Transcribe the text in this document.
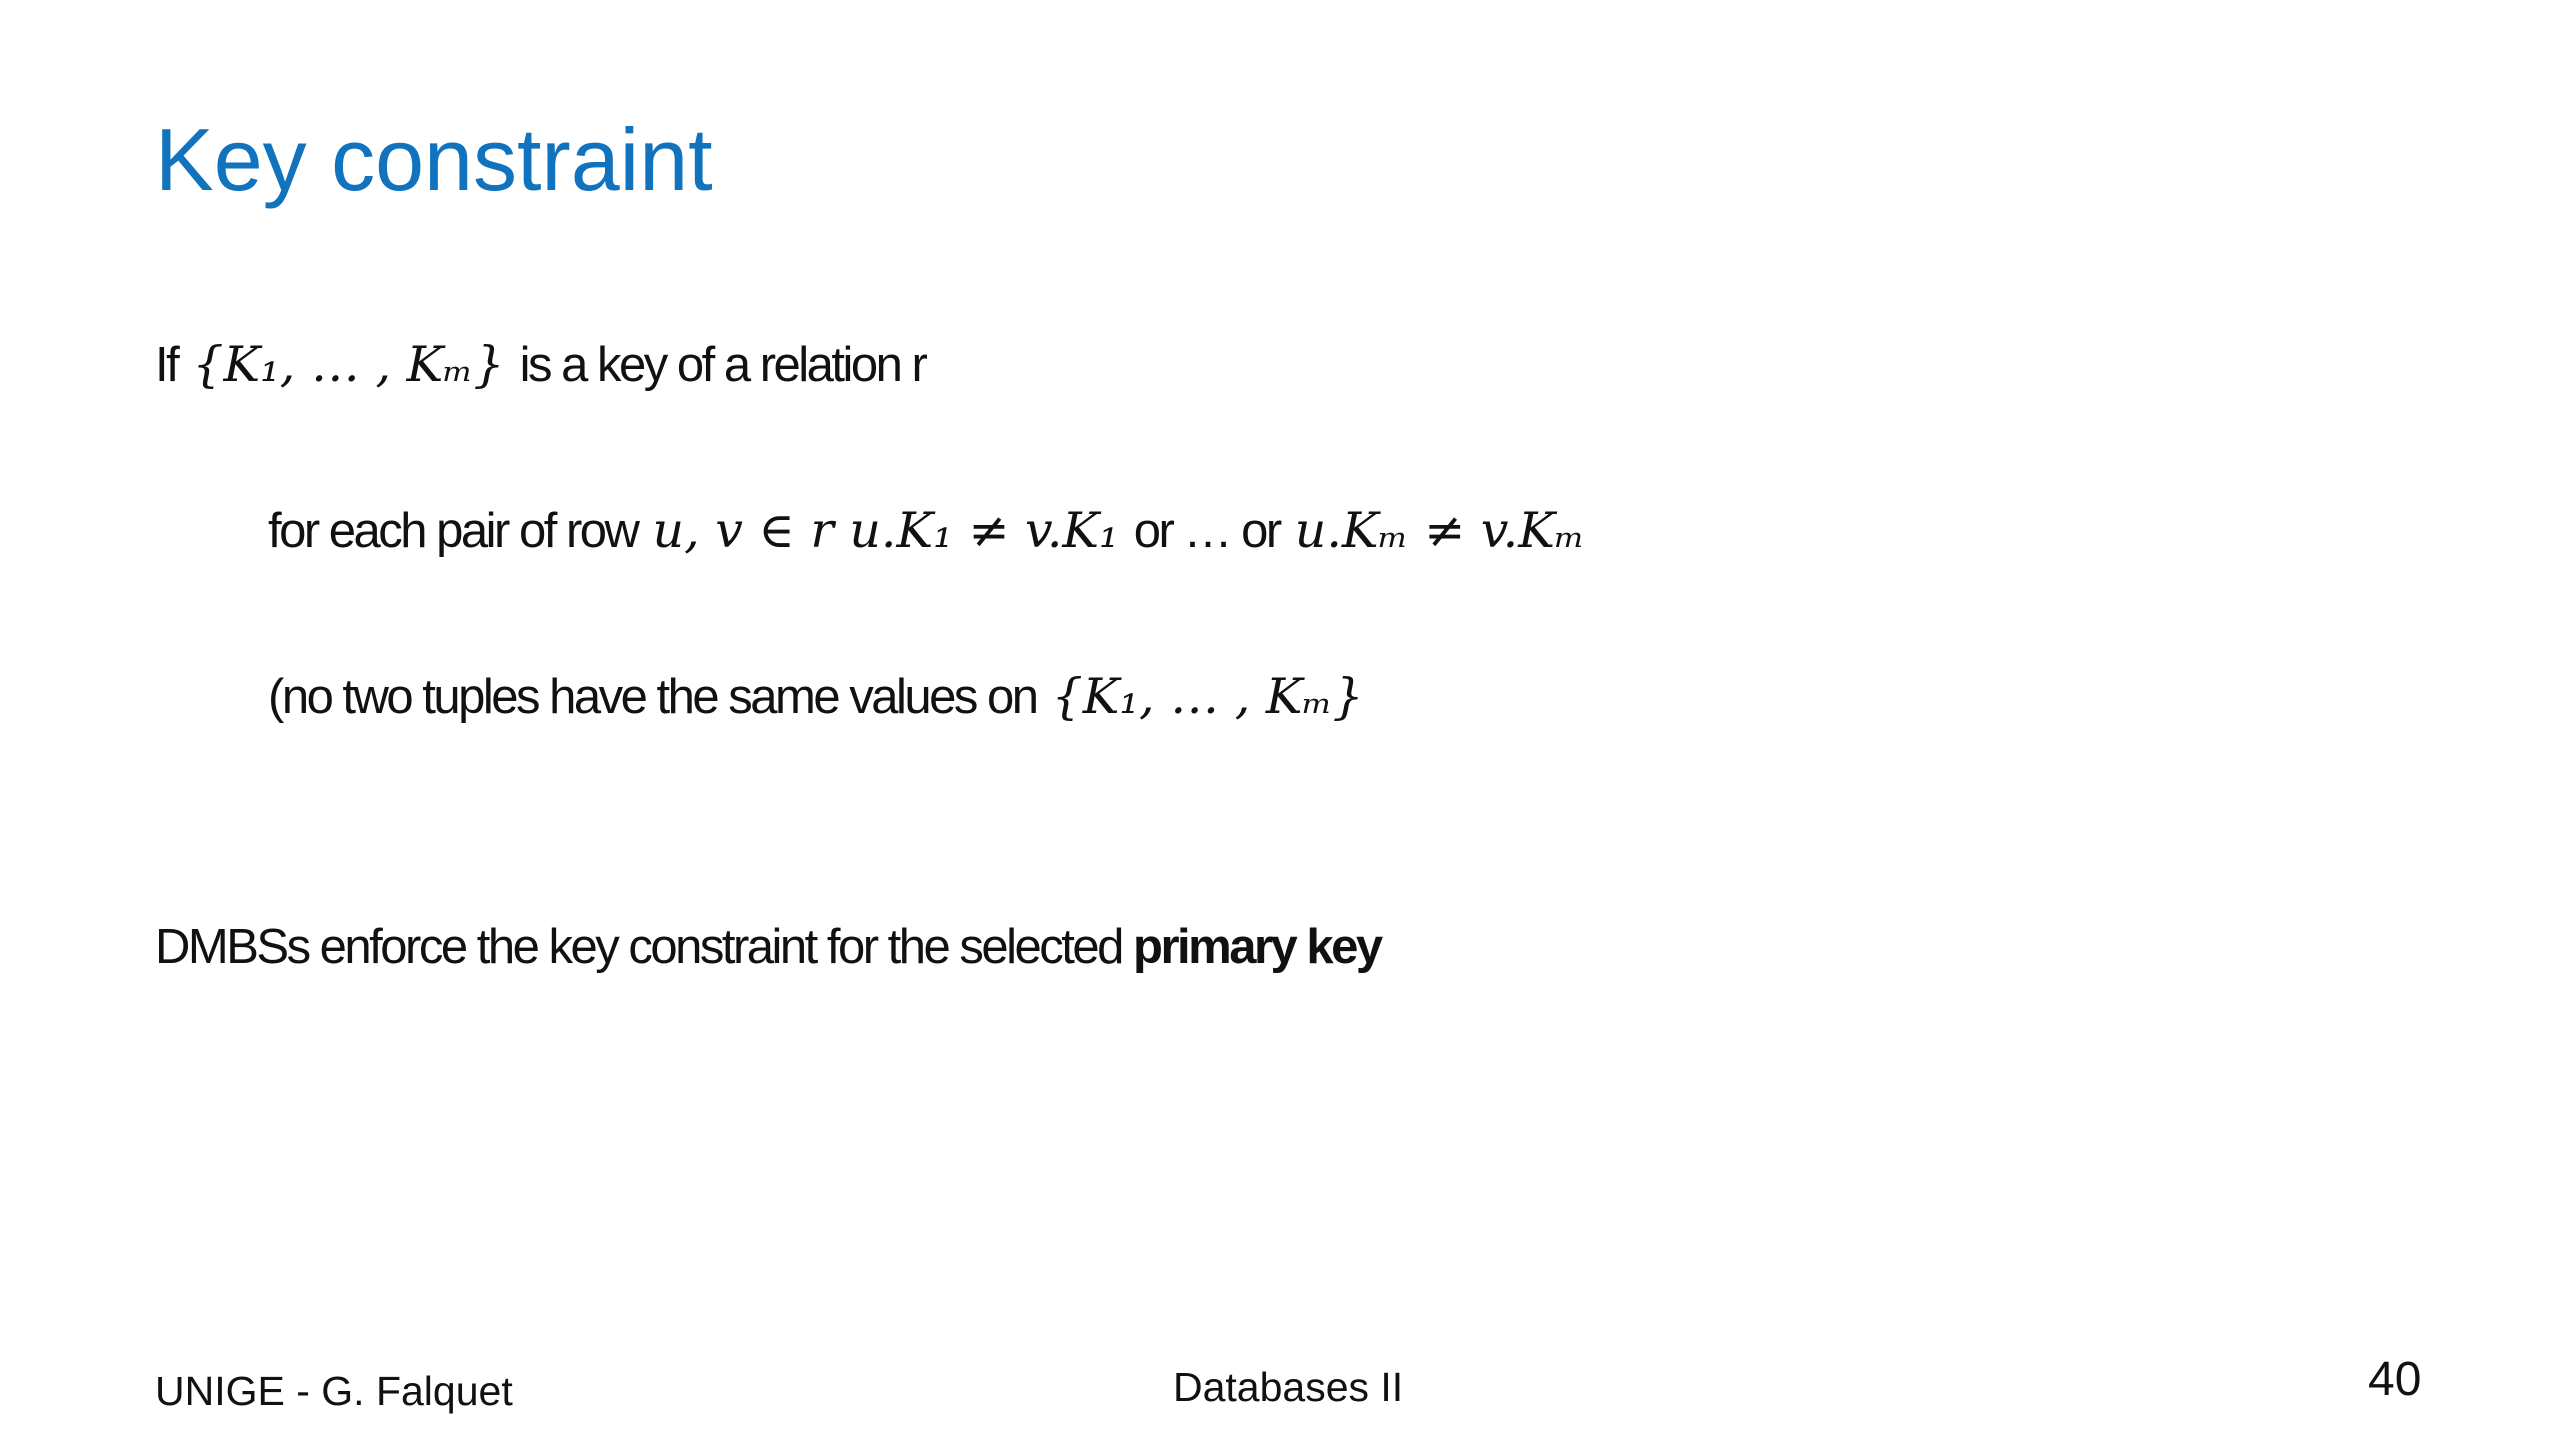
Key constraint
If {K₁, … , Kₘ} is a key of a relation r
for each pair of row u, v ∈ r u.K₁ ≠ v.K₁ or … or u.Kₘ ≠ v.Kₘ
(no two tuples have the same values on {K₁, … , Kₘ}
DMBSs enforce the key constraint for the selected primary key
UNIGE - G. Falquet	Databases II	40
